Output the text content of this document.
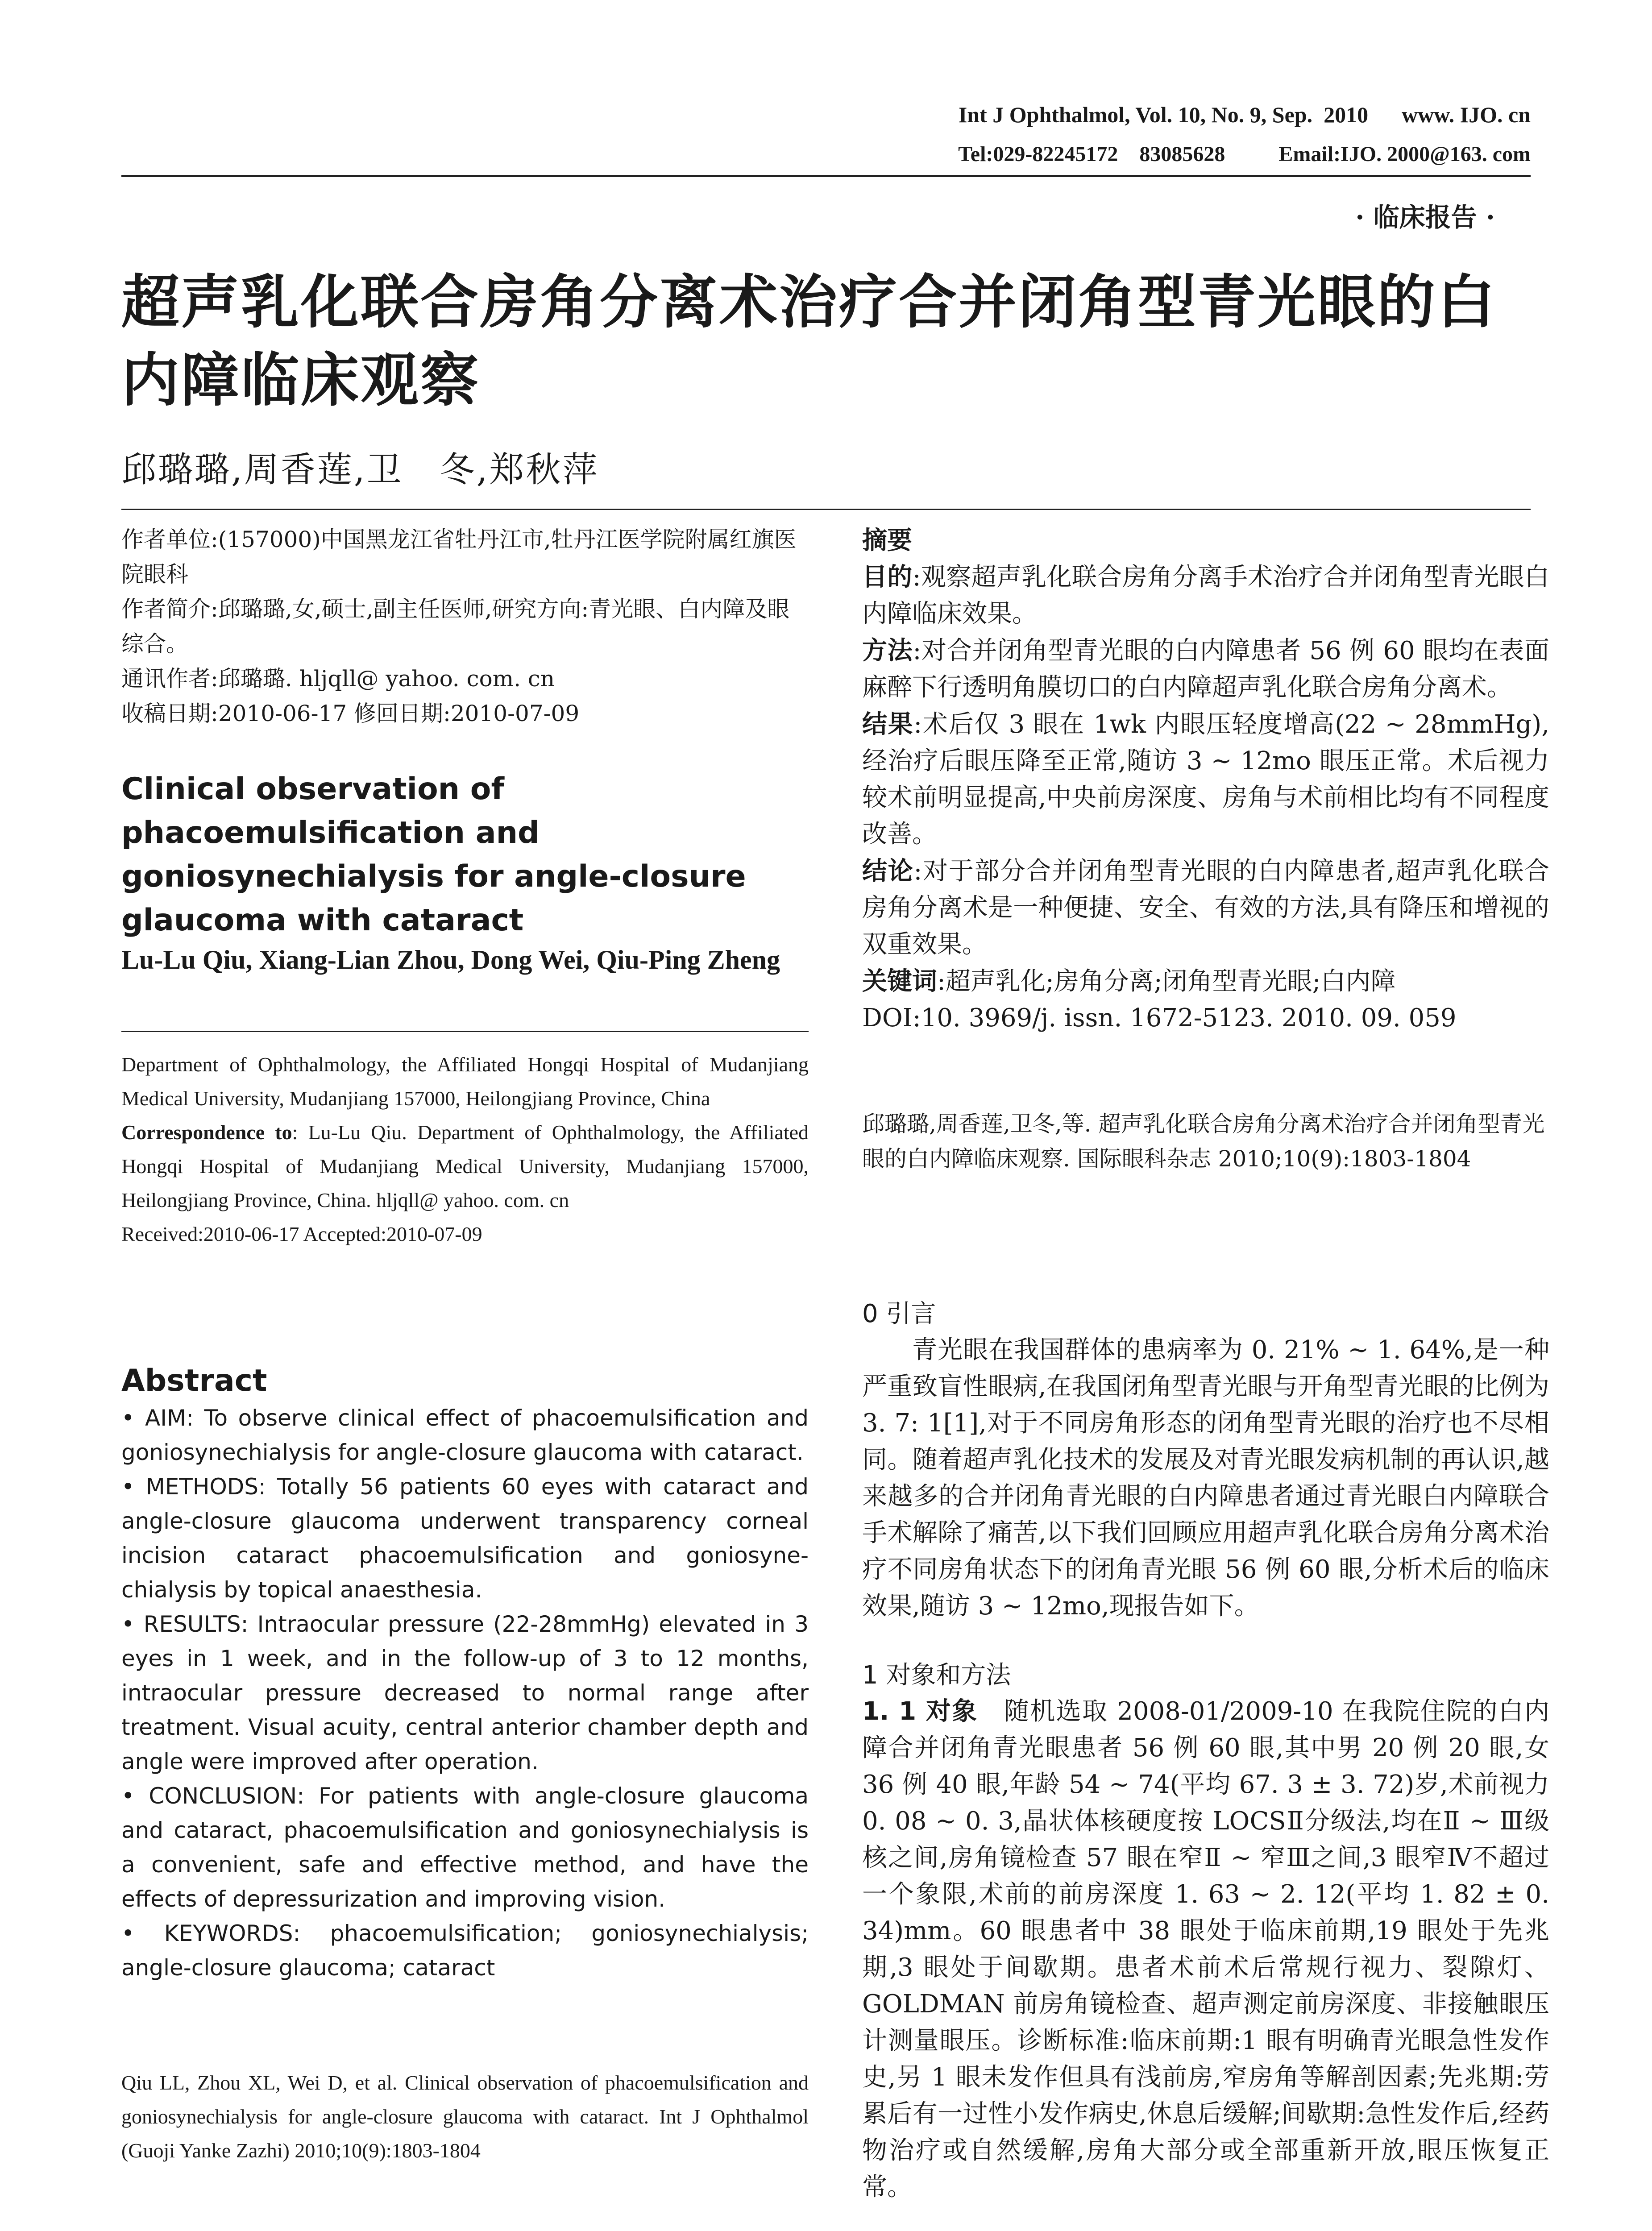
Int J Ophthalmol, Vol. 10, No. 9, Sep.  2010      www. IJO. cn
Tel:029-82245172    83085628          Email:IJO. 2000@163. com
· 临床报告 ·
超声乳化联合房角分离术治疗合并闭角型青光眼的白内障临床观察
邱璐璐,周香莲,卫　冬,郑秋萍

作者单位:(157000)中国黑龙江省牡丹江市,牡丹江医学院附属红旗医院眼科

作者简介:邱璐璐,女,硕士,副主任医师,研究方向:青光眼、白内障及眼综合。

通讯作者:邱璐璐. hljqll@ yahoo. com. cn

收稿日期:2010-06-17 修回日期:2010-07-09

Clinical observation of phacoemulsification and goniosynechialysis for angle-closure glaucoma with cataract
Lu-Lu Qiu, Xiang-Lian Zhou, Dong Wei, Qiu-Ping Zheng

Department of Ophthalmology, the Affiliated Hongqi Hospital of Mudanjiang Medical University, Mudanjiang 157000, Heilongjiang Province, China

Correspondence to: Lu-Lu Qiu. Department of Ophthalmology, the Affiliated Hongqi Hospital of Mudanjiang Medical University, Mudanjiang 157000, Heilongjiang Province, China. hljqll@ yahoo. com. cn

Received:2010-06-17 Accepted:2010-07-09

Abstract

• AIM: To observe clinical effect of phacoemulsification and goniosynechialysis for angle-closure glaucoma with cataract.

• METHODS: Totally 56 patients 60 eyes with cataract and angle-closure glaucoma underwent transparency corneal incision cataract phacoemulsification and goniosyne-chialysis by topical anaesthesia.

• RESULTS: Intraocular pressure (22-28mmHg) elevated in 3 eyes in 1 week, and in the follow-up of 3 to 12 months, intraocular pressure decreased to normal range after treatment. Visual acuity, central anterior chamber depth and angle were improved after operation.

• CONCLUSION: For patients with angle-closure glaucoma and cataract, phacoemulsification and goniosynechialysis is a convenient, safe and effective method, and have the effects of depressurization and improving vision.

• KEYWORDS: phacoemulsification; goniosynechialysis; angle-closure glaucoma; cataract

Qiu LL, Zhou XL, Wei D, et al. Clinical observation of phacoemulsification and goniosynechialysis for angle-closure glaucoma with cataract. Int J Ophthalmol (Guoji Yanke Zazhi) 2010;10(9):1803-1804

摘要

目的:观察超声乳化联合房角分离手术治疗合并闭角型青光眼白内障临床效果。

方法:对合并闭角型青光眼的白内障患者 56 例 60 眼均在表面麻醉下行透明角膜切口的白内障超声乳化联合房角分离术。

结果:术后仅 3 眼在 1wk 内眼压轻度增高(22 ~ 28mmHg),经治疗后眼压降至正常,随访 3 ~ 12mo 眼压正常。术后视力较术前明显提高,中央前房深度、房角与术前相比均有不同程度改善。

结论:对于部分合并闭角型青光眼的白内障患者,超声乳化联合房角分离术是一种便捷、安全、有效的方法,具有降压和增视的双重效果。

关键词:超声乳化;房角分离;闭角型青光眼;白内障

DOI:10. 3969/j. issn. 1672-5123. 2010. 09. 059

邱璐璐,周香莲,卫冬,等. 超声乳化联合房角分离术治疗合并闭角型青光眼的白内障临床观察. 国际眼科杂志 2010;10(9):1803-1804
0 引言
青光眼在我国群体的患病率为 0. 21% ~ 1. 64%,是一种严重致盲性眼病,在我国闭角型青光眼与开角型青光眼的比例为 3. 7: 1[1],对于不同房角形态的闭角型青光眼的治疗也不尽相同。随着超声乳化技术的发展及对青光眼发病机制的再认识,越来越多的合并闭角青光眼的白内障患者通过青光眼白内障联合手术解除了痛苦,以下我们回顾应用超声乳化联合房角分离术治疗不同房角状态下的闭角青光眼 56 例 60 眼,分析术后的临床效果,随访 3 ~ 12mo,现报告如下。
1 对象和方法
1. 1 对象　 随机选取 2008-01/2009-10 在我院住院的白内障合并闭角青光眼患者 56 例 60 眼,其中男 20 例 20 眼,女 36 例 40 眼,年龄 54 ~ 74(平均 67. 3 ± 3. 72)岁,术前视力 0. 08 ~ 0. 3,晶状体核硬度按 LOCSⅡ分级法,均在Ⅱ ~ Ⅲ级核之间,房角镜检查 57 眼在窄Ⅱ ~ 窄Ⅲ之间,3 眼窄Ⅳ不超过一个象限,术前的前房深度 1. 63 ~ 2. 12(平均 1. 82 ± 0. 34)mm。60 眼患者中 38 眼处于临床前期,19 眼处于先兆期,3 眼处于间歇期。患者术前术后常规行视力、裂隙灯、GOLDMAN 前房角镜检查、超声测定前房深度、非接触眼压计测量眼压。诊断标准:临床前期:1 眼有明确青光眼急性发作史,另 1 眼未发作但具有浅前房,窄房角等解剖因素;先兆期:劳累后有一过性小发作病史,休息后缓解;间歇期:急性发作后,经药物治疗或自然缓解,房角大部分或全部重新开放,眼压恢复正常。
